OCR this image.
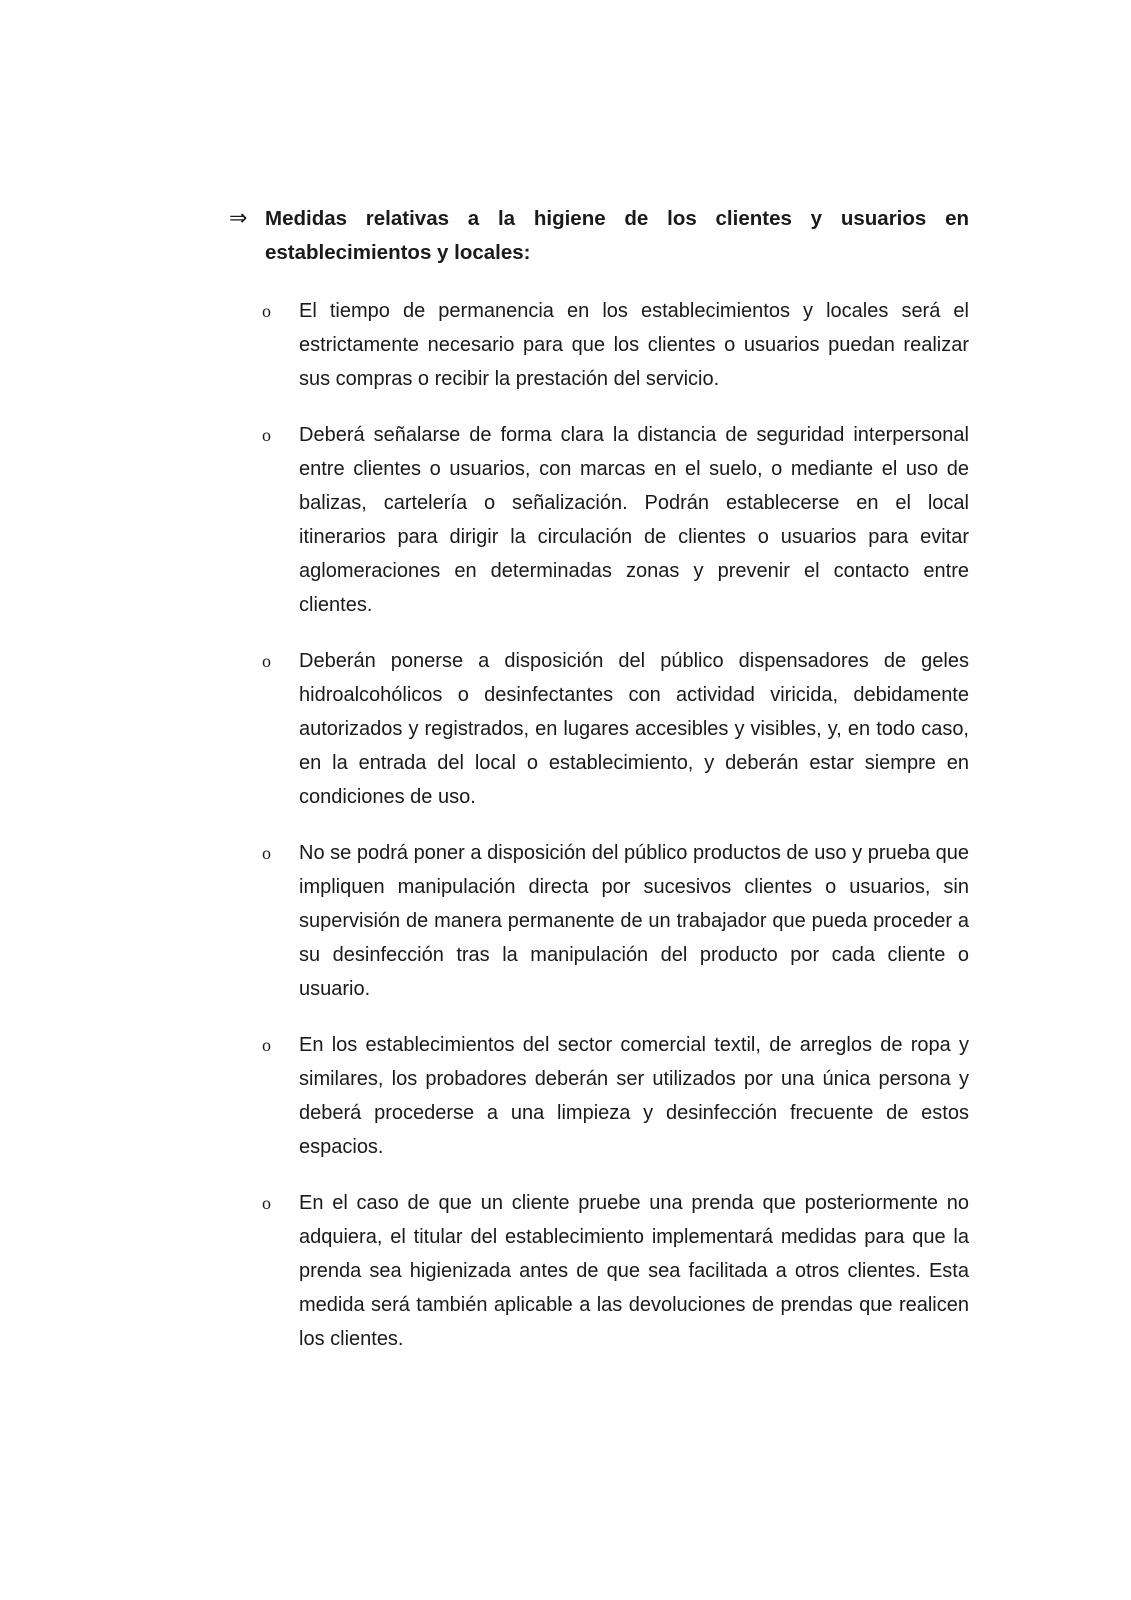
⇒ Medidas relativas a la higiene de los clientes y usuarios en establecimientos y locales:
o El tiempo de permanencia en los establecimientos y locales será el estrictamente necesario para que los clientes o usuarios puedan realizar sus compras o recibir la prestación del servicio.
o Deberá señalarse de forma clara la distancia de seguridad interpersonal entre clientes o usuarios, con marcas en el suelo, o mediante el uso de balizas, cartelería o señalización. Podrán establecerse en el local itinerarios para dirigir la circulación de clientes o usuarios para evitar aglomeraciones en determinadas zonas y prevenir el contacto entre clientes.
o Deberán ponerse a disposición del público dispensadores de geles hidroalcohólicos o desinfectantes con actividad viricida, debidamente autorizados y registrados, en lugares accesibles y visibles, y, en todo caso, en la entrada del local o establecimiento, y deberán estar siempre en condiciones de uso.
o No se podrá poner a disposición del público productos de uso y prueba que impliquen manipulación directa por sucesivos clientes o usuarios, sin supervisión de manera permanente de un trabajador que pueda proceder a su desinfección tras la manipulación del producto por cada cliente o usuario.
o En los establecimientos del sector comercial textil, de arreglos de ropa y similares, los probadores deberán ser utilizados por una única persona y deberá procederse a una limpieza y desinfección frecuente de estos espacios.
o En el caso de que un cliente pruebe una prenda que posteriormente no adquiera, el titular del establecimiento implementará medidas para que la prenda sea higienizada antes de que sea facilitada a otros clientes. Esta medida será también aplicable a las devoluciones de prendas que realicen los clientes.
